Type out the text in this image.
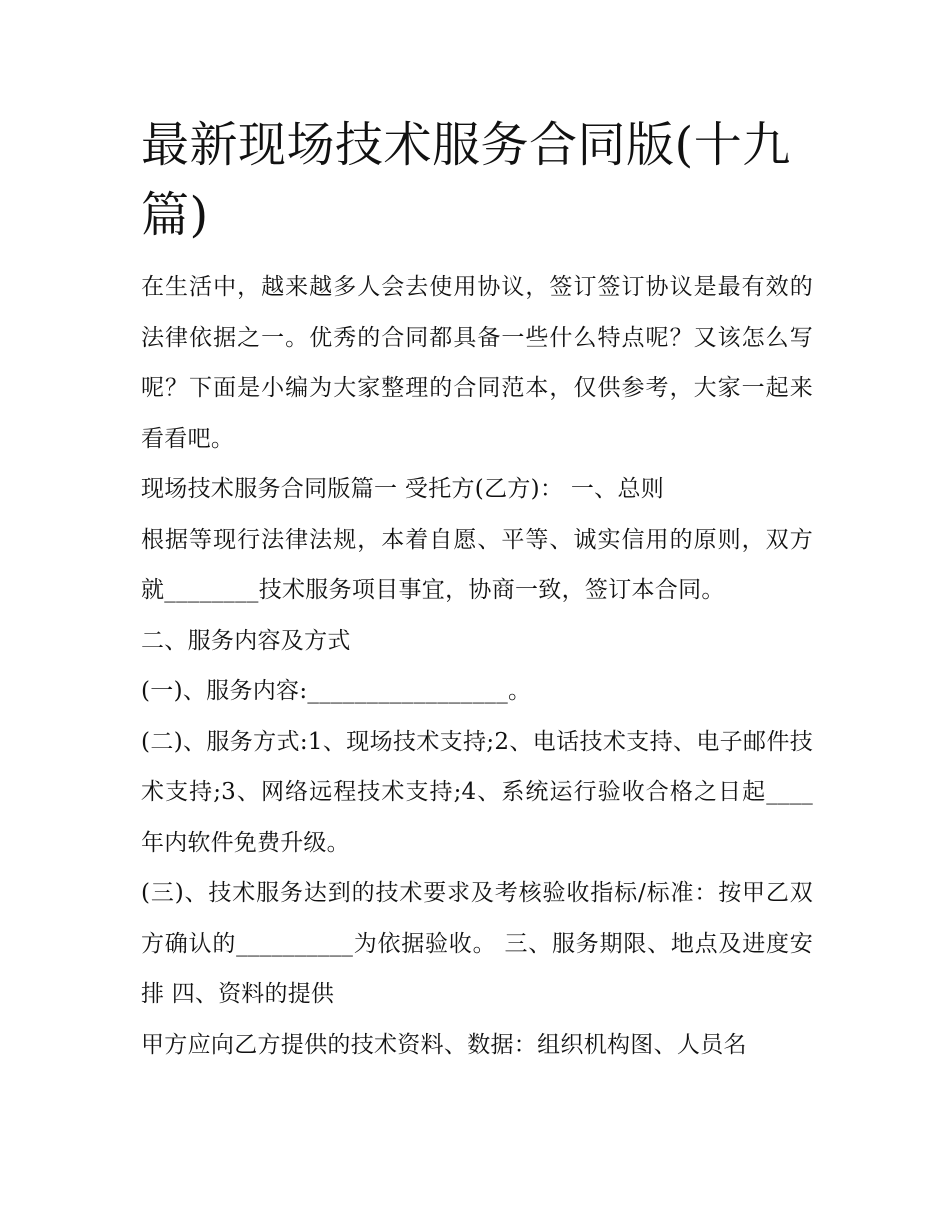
最新现场技术服务合同版(十九篇)

在生活中，越来越多人会去使用协议，签订签订协议是最有效的法律依据之一。优秀的合同都具备一些什么特点呢？又该怎么写呢？下面是小编为大家整理的合同范本，仅供参考，大家一起来看看吧。

现场技术服务合同版篇一 受托方(乙方)： 一、总则

根据等现行法律法规，本着自愿、平等、诚实信用的原则，双方就________技术服务项目事宜，协商一致，签订本合同。

二、服务内容及方式

(一)、服务内容:_________________。

(二)、服务方式:1、现场技术支持;2、电话技术支持、电子邮件技术支持;3、网络远程技术支持;4、系统运行验收合格之日起____年内软件免费升级。

(三)、技术服务达到的技术要求及考核验收指标/标准：按甲乙双方确认的__________为依据验收。 三、服务期限、地点及进度安排 四、资料的提供

甲方应向乙方提供的技术资料、数据：组织机构图、人员名
